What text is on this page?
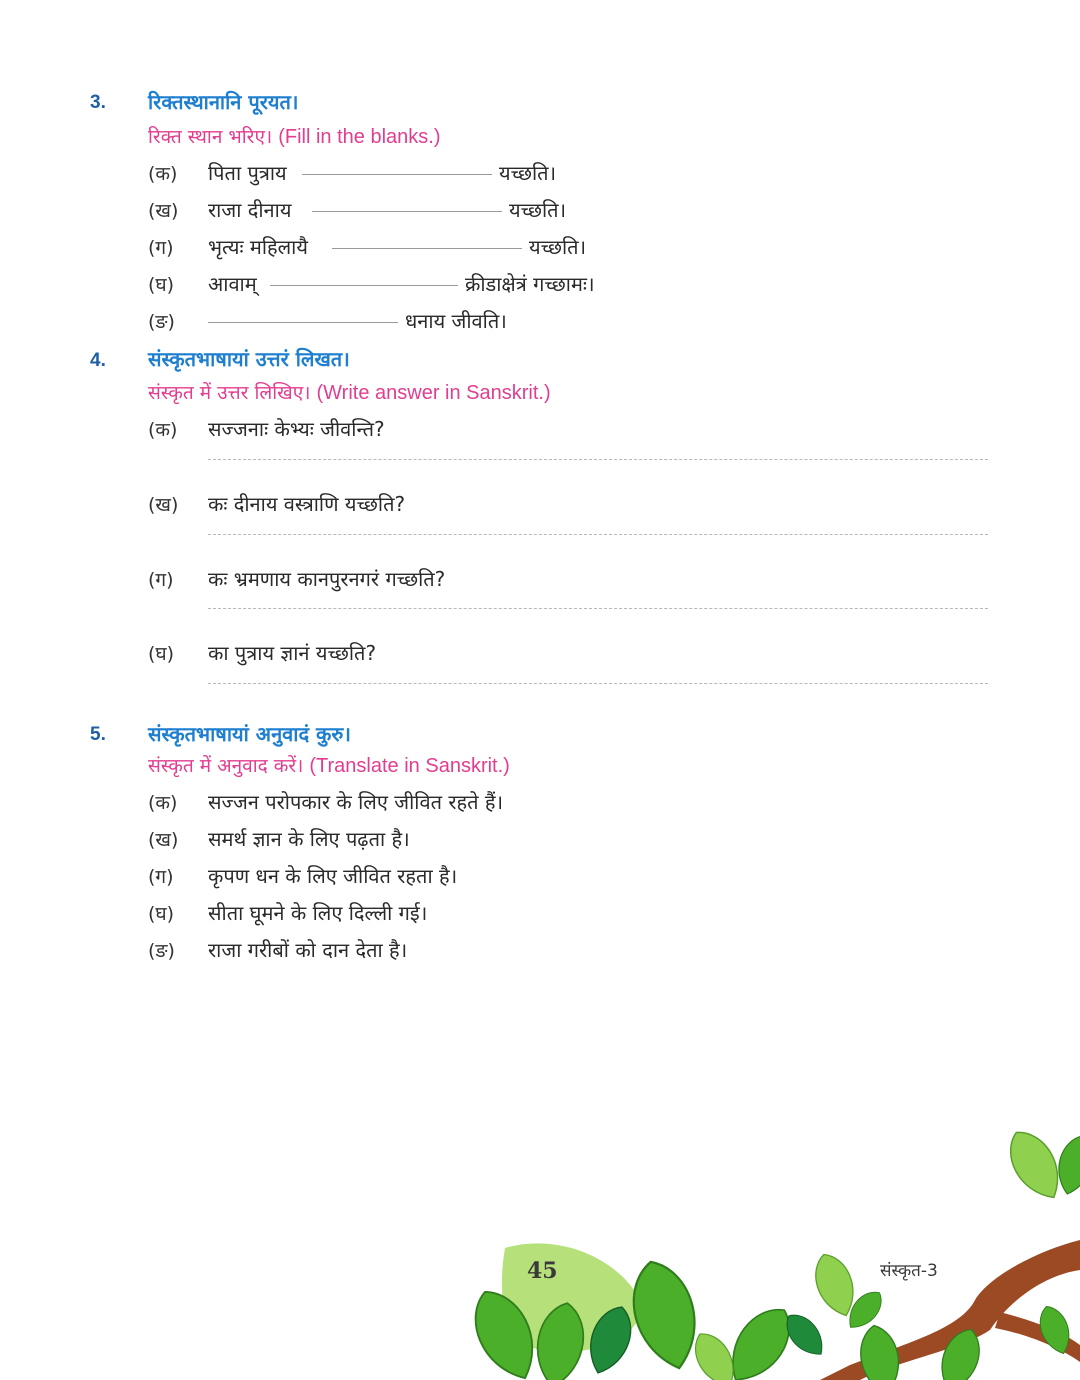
3. रिक्तस्थानानि पूरयत।
रिक्त स्थान भरिए। (Fill in the blanks.)
(क) पिता पुत्राय	यच्छति।
(ख) राजा दीनाय	यच्छति।
(ग) भृत्यः महिलायै	यच्छति।
(घ) आवाम्	क्रीडाक्षेत्रं गच्छामः।
(ङ)	धनाय जीवति।
4. संस्कृतभाषायां उत्तरं लिखत।
संस्कृत में उत्तर लिखिए। (Write answer in Sanskrit.)
(क) सज्जनाः केभ्यः जीवन्ति?
(ख) कः दीनाय वस्त्राणि यच्छति?
(ग) कः भ्रमणाय कानपुरनगरं गच्छति?
(घ) का पुत्राय ज्ञानं यच्छति?
5. संस्कृतभाषायां अनुवादं कुरु।
संस्कृत में अनुवाद करें। (Translate in Sanskrit.)
(क) सज्जन परोपकार के लिए जीवित रहते हैं।
(ख) समर्थ ज्ञान के लिए पढ़ता है।
(ग) कृपण धन के लिए जीवित रहता है।
(घ) सीता घूमने के लिए दिल्ली गई।
(ङ) राजा गरीबों को दान देता है।
45	संस्कृत-3
